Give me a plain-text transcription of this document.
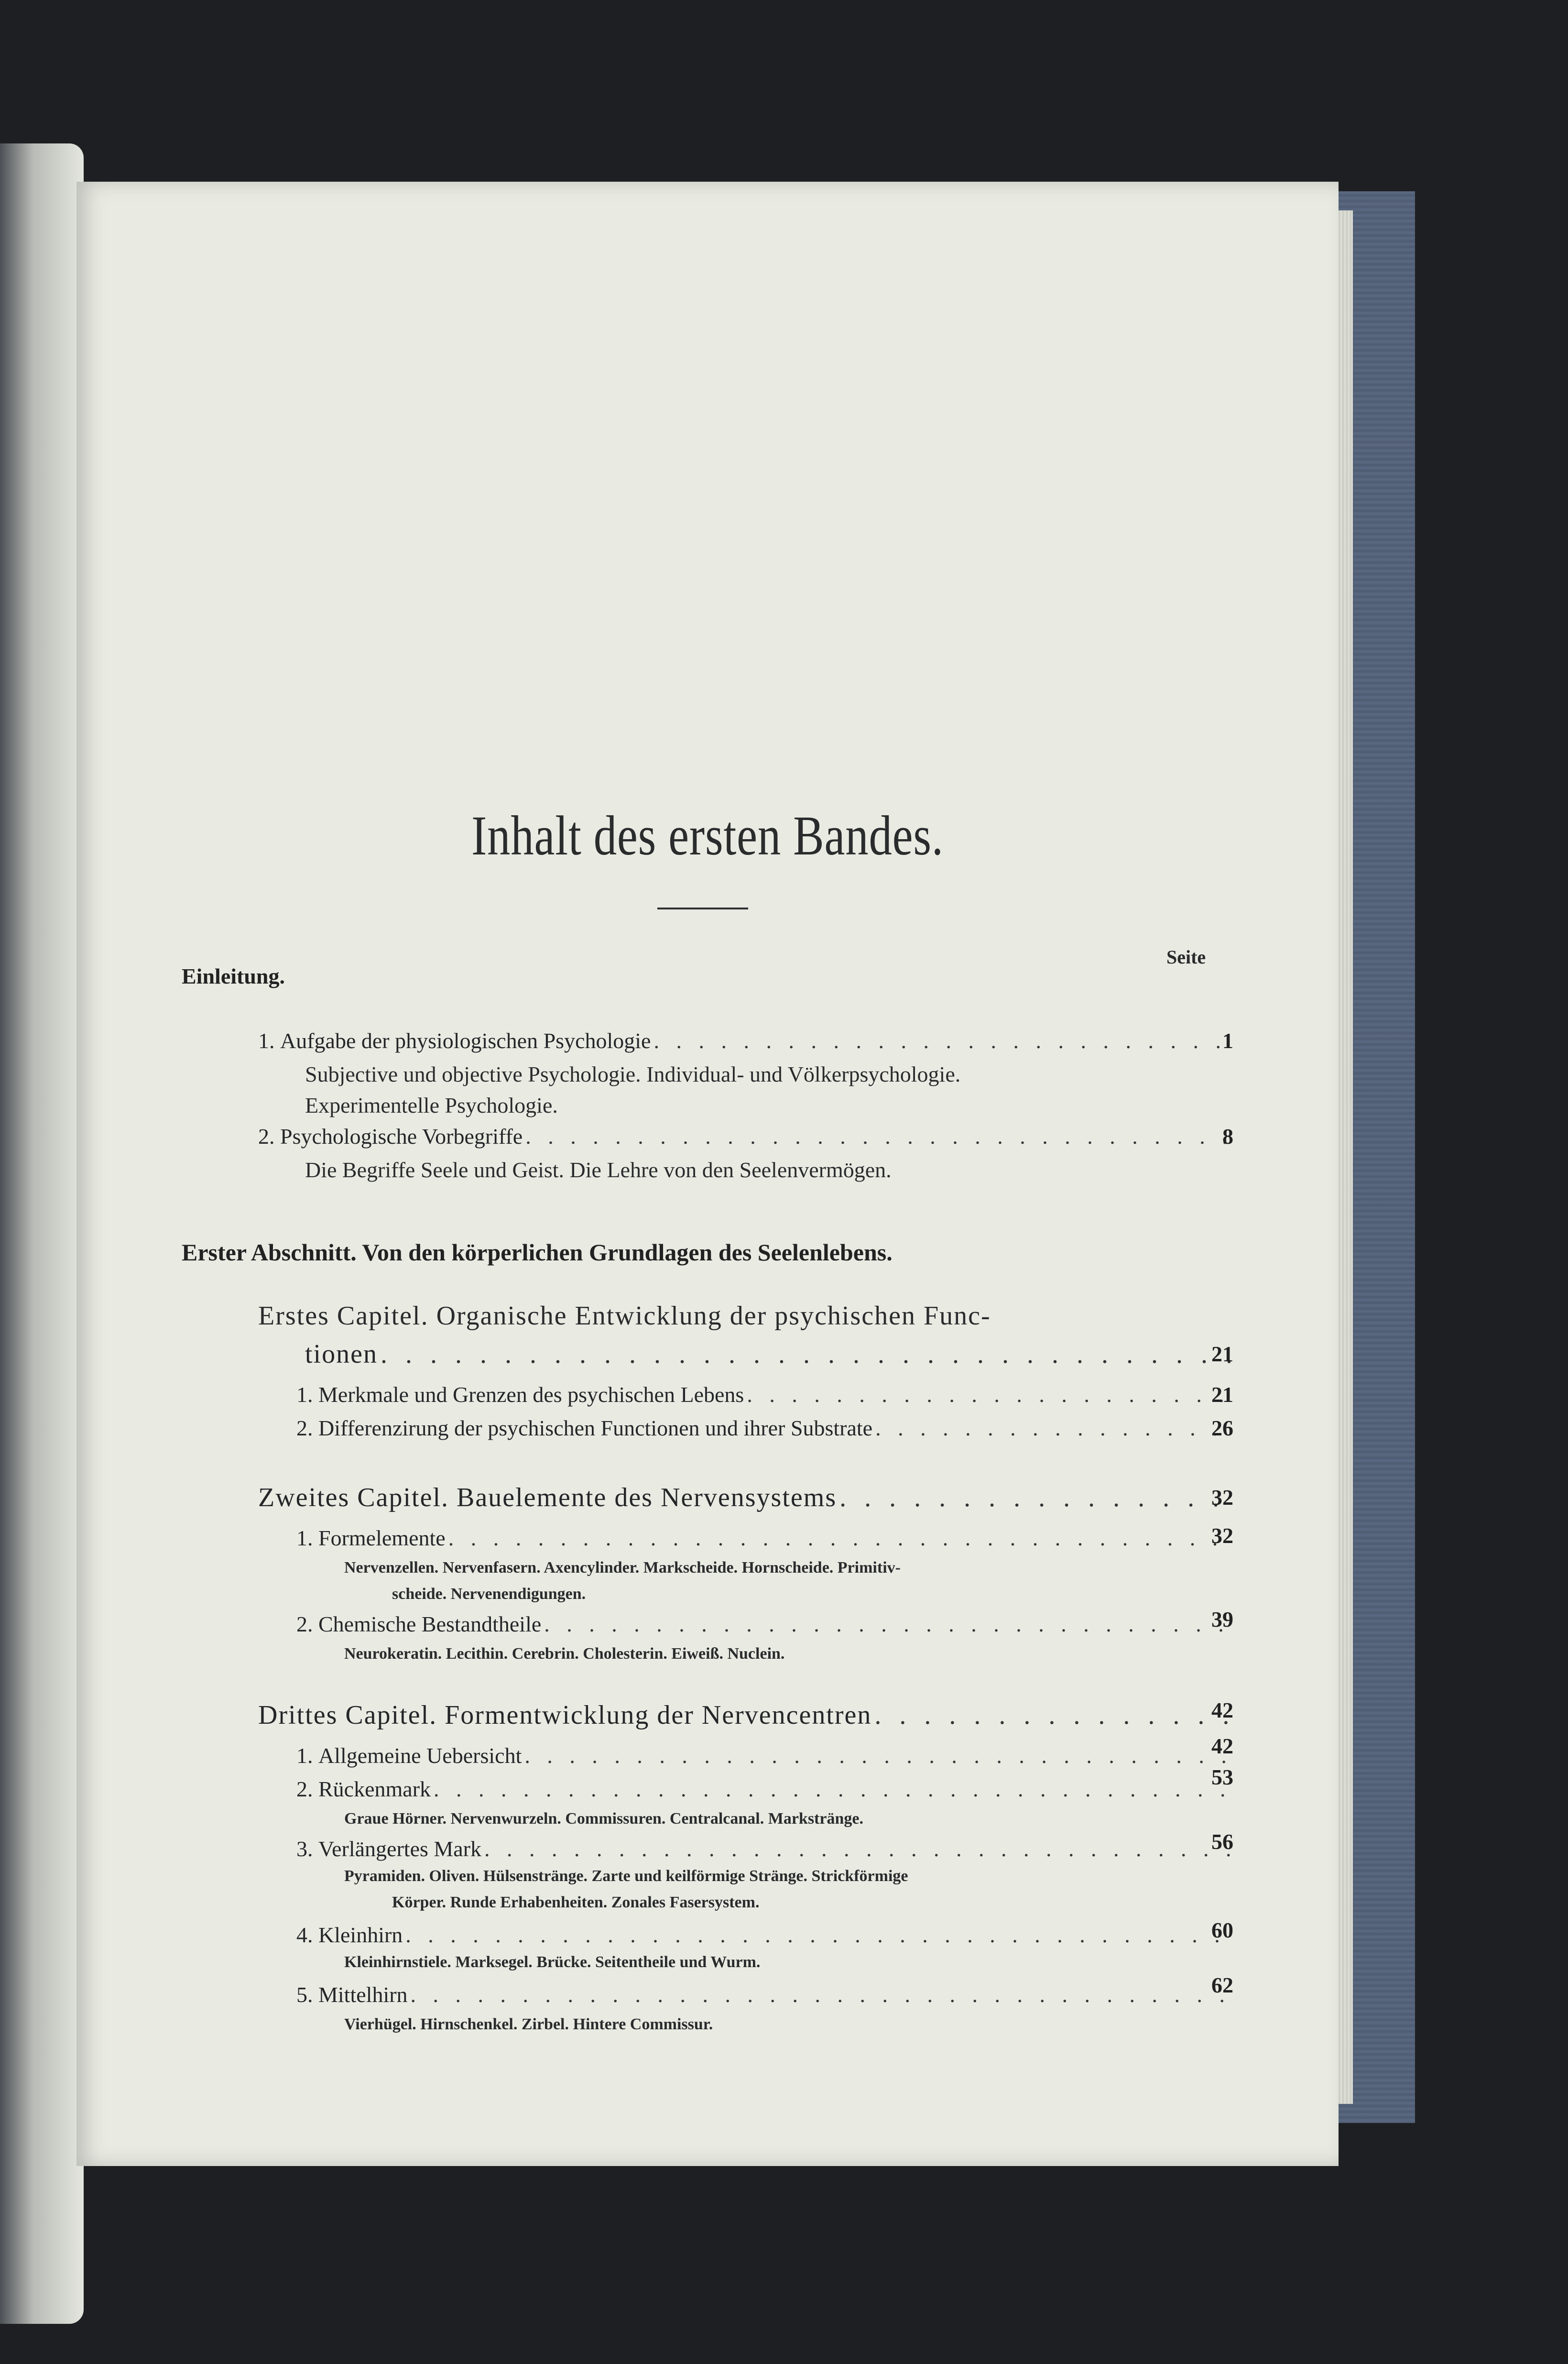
Inhalt des ersten Bandes.
Seite
Einleitung.
1.
Aufgabe der physiologischen Psychologie . . .	1
Subjective und objective Psychologie. Individual- und Völkerpsychologie.
Experimentelle Psychologie.
2.
Psychologische Vorbegriffe . . .	8
Die Begriffe Seele und Geist. Die Lehre von den Seelenvermögen.
Erster Abschnitt. Von den körperlichen Grundlagen des Seelenlebens.
Erstes Capitel. Organische Entwicklung der psychischen Func-
tionen . . .	21
1.
Merkmale und Grenzen des psychischen Lebens . . .	21
2.
Differenzirung der psychischen Functionen und ihrer Substrate . . .	26
Zweites Capitel. Bauelemente des Nervensystems . . .	32
1.
Formelemente . . .	32
Nervenzellen. Nervenfasern. Axencylinder. Markscheide. Hornscheide. Primitiv-
scheide. Nervenendigungen.
2.
Chemische Bestandtheile . . .	39
Neurokeratin. Lecithin. Cerebrin. Cholesterin. Eiweiß. Nuclein.
Drittes Capitel. Formentwicklung der Nervencentren . . .	42
1.
Allgemeine Uebersicht . . .	42
2.
Rückenmark . . .	53
Graue Hörner. Nervenwurzeln. Commissuren. Centralcanal. Markstränge.
3.
Verlängertes Mark . . .	56
Pyramiden. Oliven. Hülsenstränge. Zarte und keilförmige Stränge. Strickförmige
Körper. Runde Erhabenheiten. Zonales Fasersystem.
4.
Kleinhirn . . .	60
Kleinhirnstiele. Marksegel. Brücke. Seitentheile und Wurm.
5.
Mittelhirn . . .	62
Vierhügel. Hirnschenkel. Zirbel. Hintere Commissur.
